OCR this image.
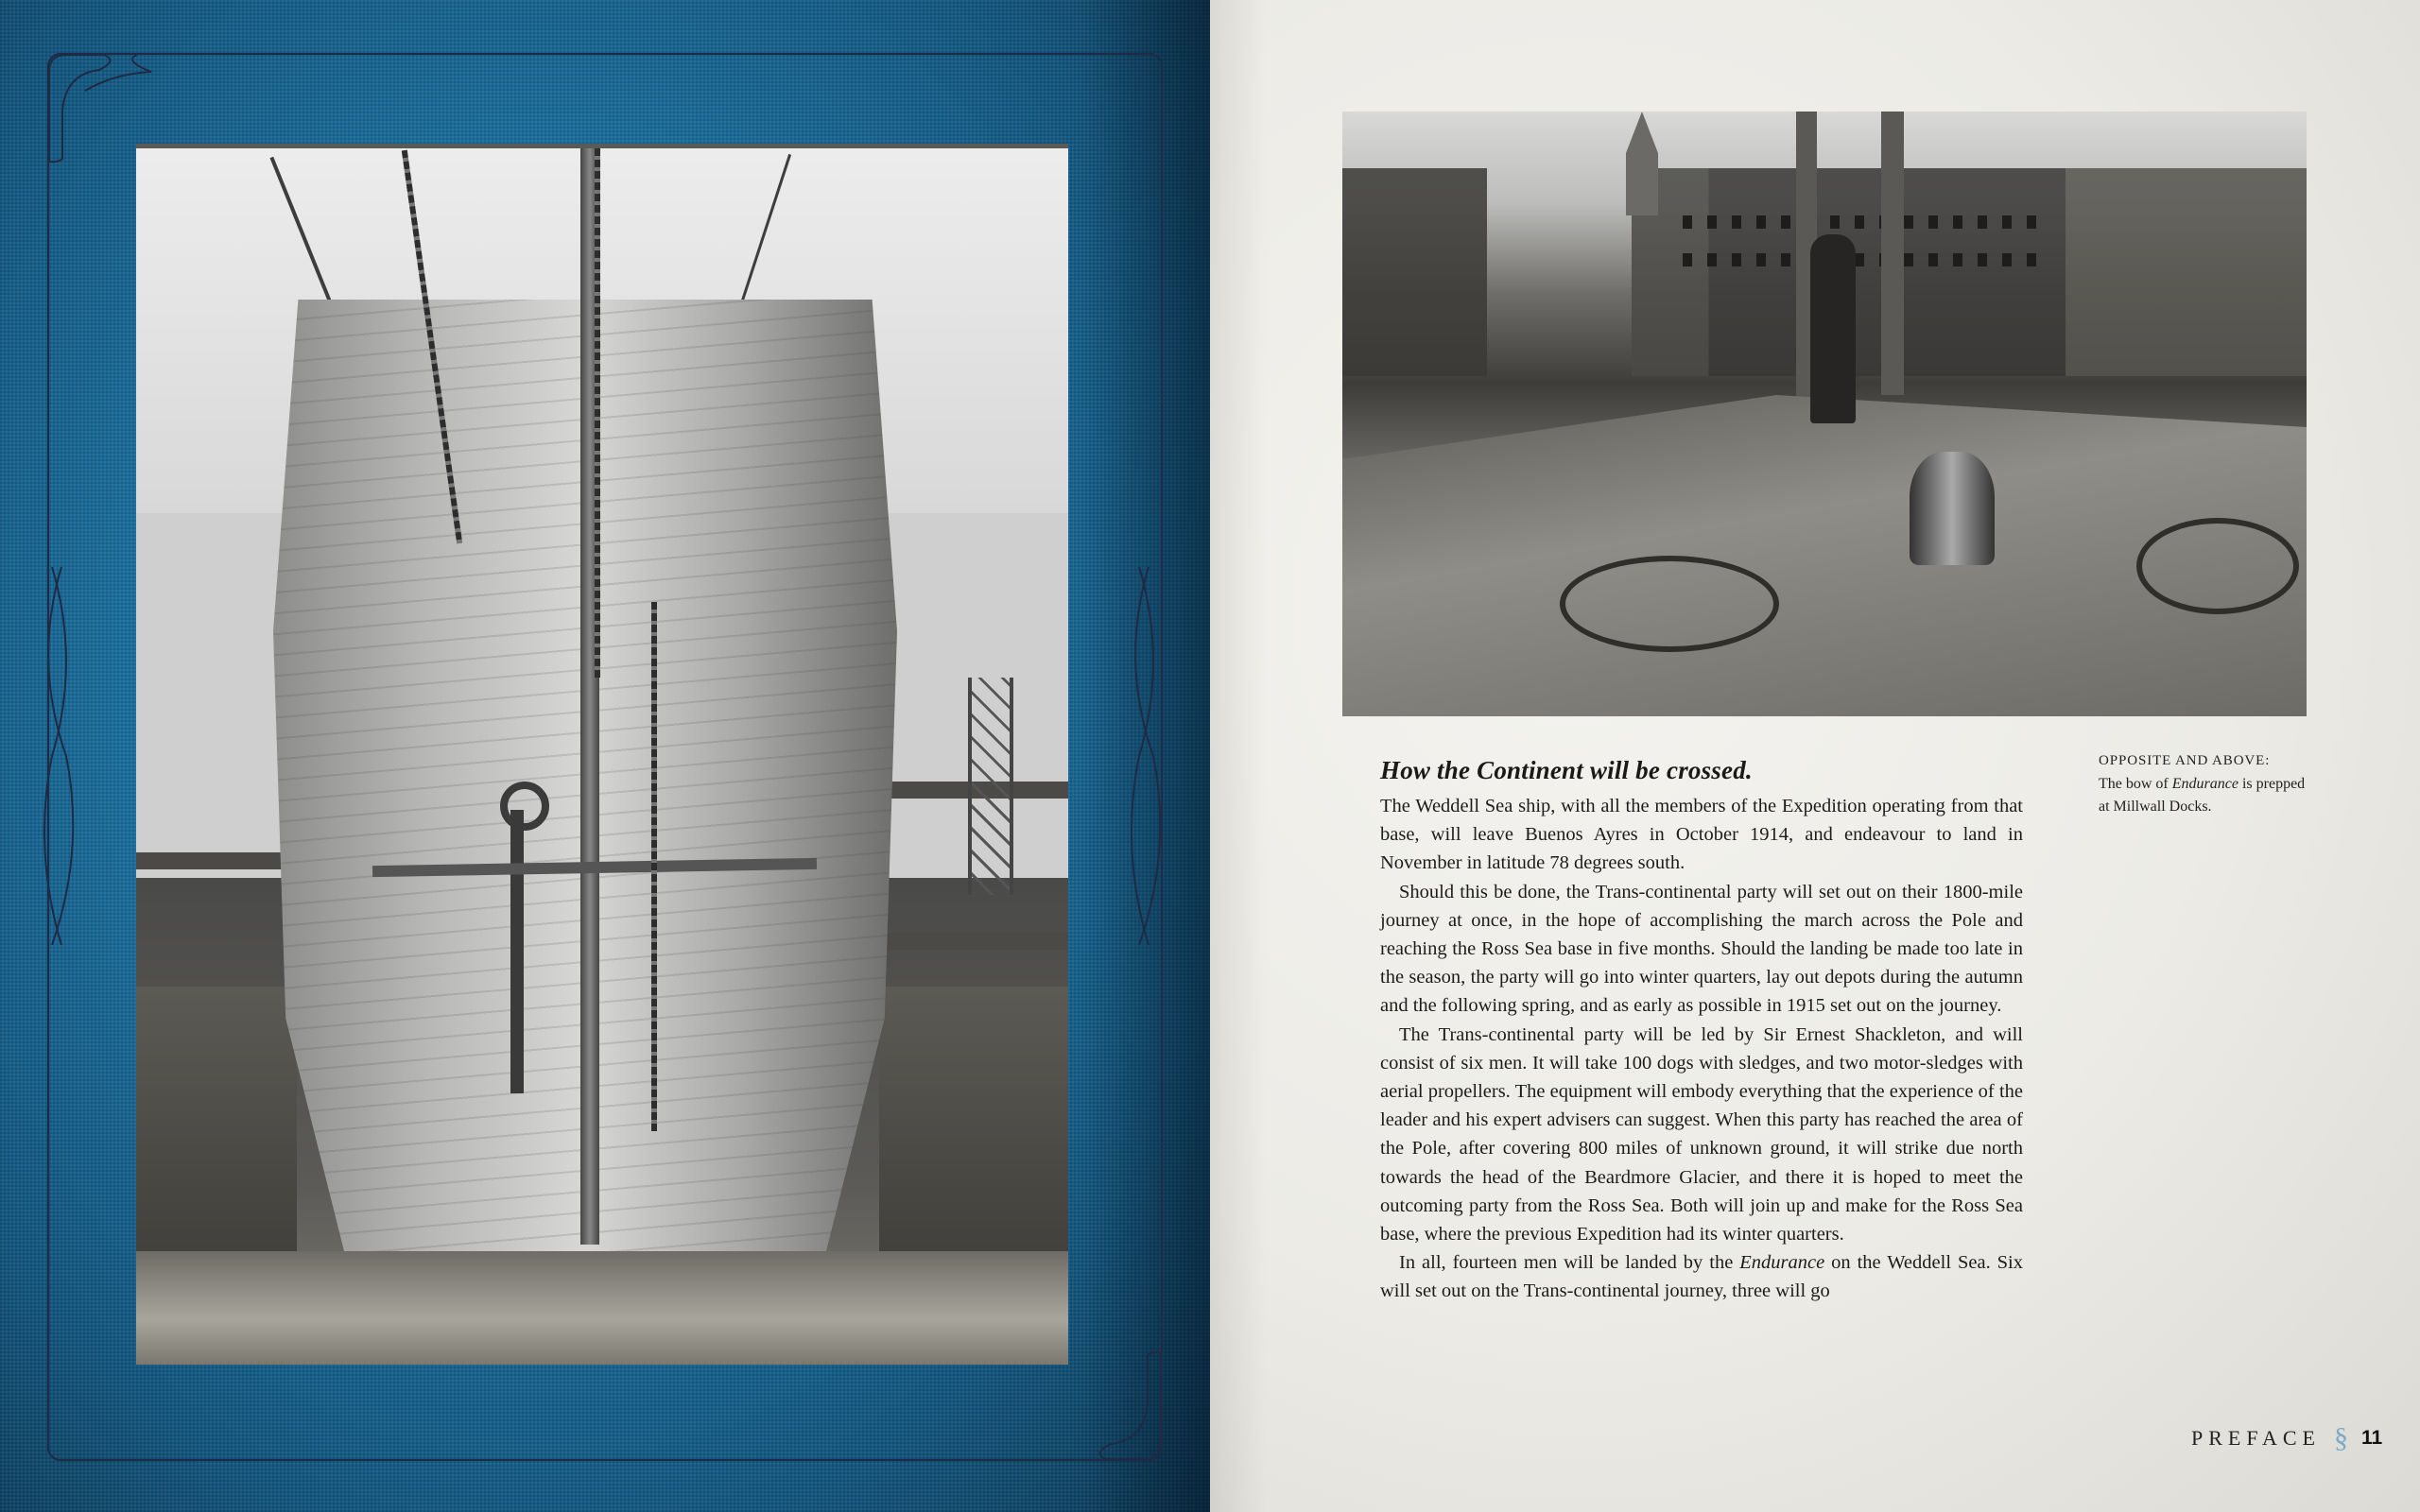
How the Continent will be crossed.

The Weddell Sea ship, with all the members of the Expedition operating from that base, will leave Buenos Ayres in October 1914, and endeavour to land in November in latitude 78 degrees south.

Should this be done, the Trans-continental party will set out on their 1800-mile journey at once, in the hope of accomplishing the march across the Pole and reaching the Ross Sea base in five months. Should the landing be made too late in the season, the party will go into winter quarters, lay out depots during the autumn and the following spring, and as early as possible in 1915 set out on the journey.

The Trans-continental party will be led by Sir Ernest Shackleton, and will consist of six men. It will take 100 dogs with sledges, and two motor-sledges with aerial propellers. The equipment will embody everything that the experience of the leader and his expert advisers can suggest. When this party has reached the area of the Pole, after covering 800 miles of unknown ground, it will strike due north towards the head of the Beardmore Glacier, and there it is hoped to meet the outcoming party from the Ross Sea. Both will join up and make for the Ross Sea base, where the previous Expedition had its winter quarters.

In all, fourteen men will be landed by the Endurance on the Weddell Sea. Six will set out on the Trans-continental journey, three will go

OPPOSITE AND ABOVE:
The bow of Endurance is prepped at Millwall Docks.
PREFACE § 11
